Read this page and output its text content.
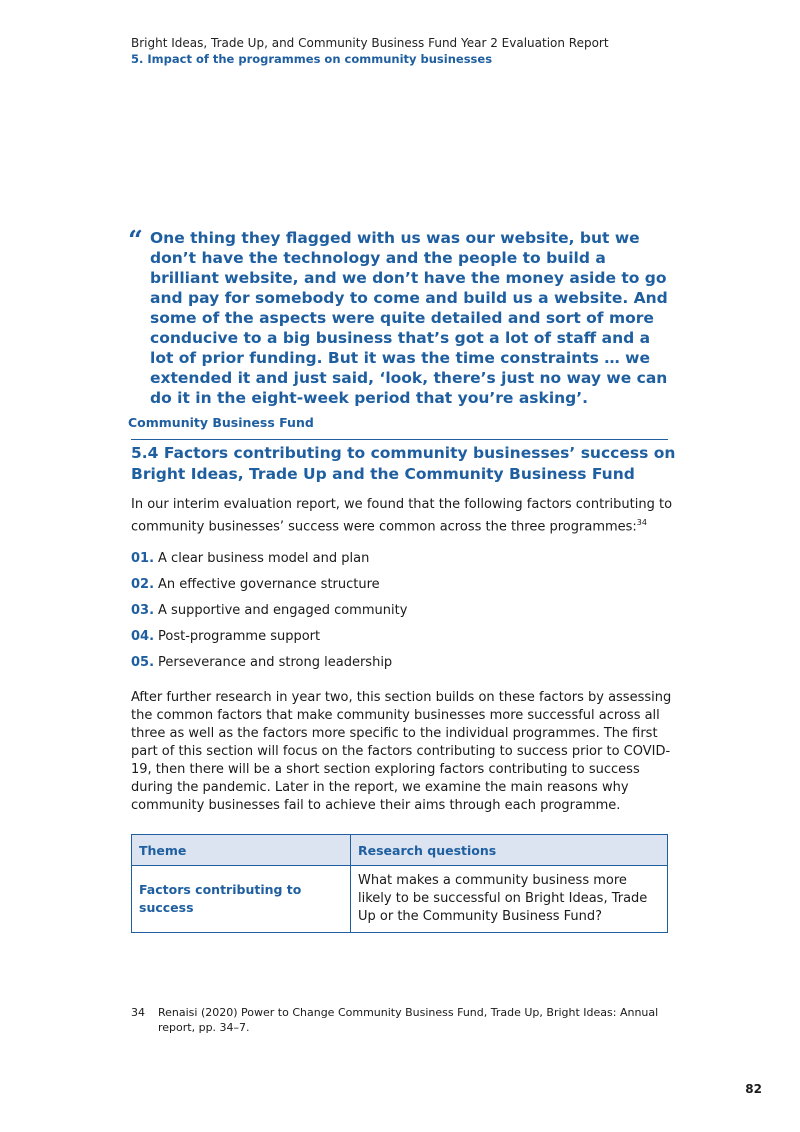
Bright Ideas, Trade Up, and Community Business Fund Year 2 Evaluation Report
5. Impact of the programmes on community businesses
“ One thing they flagged with us was our website, but we don’t have the technology and the people to build a brilliant website, and we don’t have the money aside to go and pay for somebody to come and build us a website. And some of the aspects were quite detailed and sort of more conducive to a big business that’s got a lot of staff and a lot of prior funding. But it was the time constraints … we extended it and just said, ‘look, there’s just no way we can do it in the eight-week period that you’re asking’.
Community Business Fund
5.4 Factors contributing to community businesses’ success on Bright Ideas, Trade Up and the Community Business Fund
In our interim evaluation report, we found that the following factors contributing to community businesses’ success were common across the three programmes:$^{34}$
01. A clear business model and plan
02. An effective governance structure
03. A supportive and engaged community
04. Post-programme support
05. Perseverance and strong leadership
After further research in year two, this section builds on these factors by assessing the common factors that make community businesses more successful across all three as well as the factors more specific to the individual programmes. The first part of this section will focus on the factors contributing to success prior to COVID-19, then there will be a short section exploring factors contributing to success during the pandemic. Later in the report, we examine the main reasons why community businesses fail to achieve their aims through each programme.
Theme	Research questions
Factors contributing to success	What makes a community business more likely to be successful on Bright Ideas, Trade Up or the Community Business Fund?
34	Renaisi (2020) Power to Change Community Business Fund, Trade Up, Bright Ideas: Annual report, pp. 34–7.
82
